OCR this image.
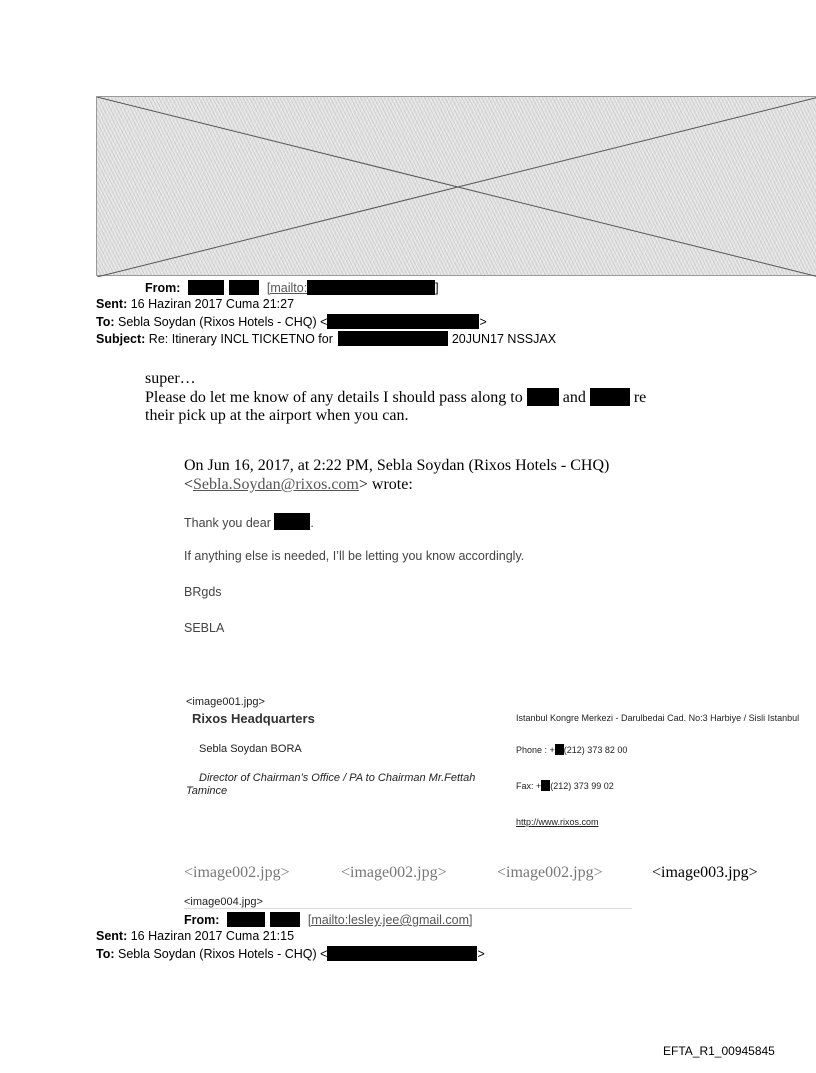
From:	[mailto:	]
Sent: 16 Haziran 2017 Cuma 21:27
To: Sebla Soydan (Rixos Hotels - CHQ) <	>
Subject: Re: Itinerary INCL TICKETNO for	20JUN17 NSSJAX
super…
Please do let me know of any details I should pass along to	and	re
their pick up at the airport when you can.
On Jun 16, 2017, at 2:22 PM, Sebla Soydan (Rixos Hotels - CHQ)
<Sebla.Soydan@rixos.com> wrote:
Thank you dear	.
If anything else is needed, I’ll be letting you know accordingly.
BRgds
SEBLA
<image001.jpg>
Rixos Headquarters
Sebla Soydan BORA
Director of Chairman’s Office / PA to Chairman Mr.Fettah Tamince
Istanbul Kongre Merkezi - Darulbedai Cad. No:3 Harbiye / Sisli Istanbul
Phone : + (212) 373 82 00
Fax: + (212) 373 99 02
http://www.rixos.com
<image002.jpg>	<image002.jpg>	<image002.jpg>	<image003.jpg>
<image004.jpg>
From:	[mailto:lesley.jee@gmail.com]
Sent: 16 Haziran 2017 Cuma 21:15
To: Sebla Soydan (Rixos Hotels - CHQ) <	>
EFTA_R1_00945845
